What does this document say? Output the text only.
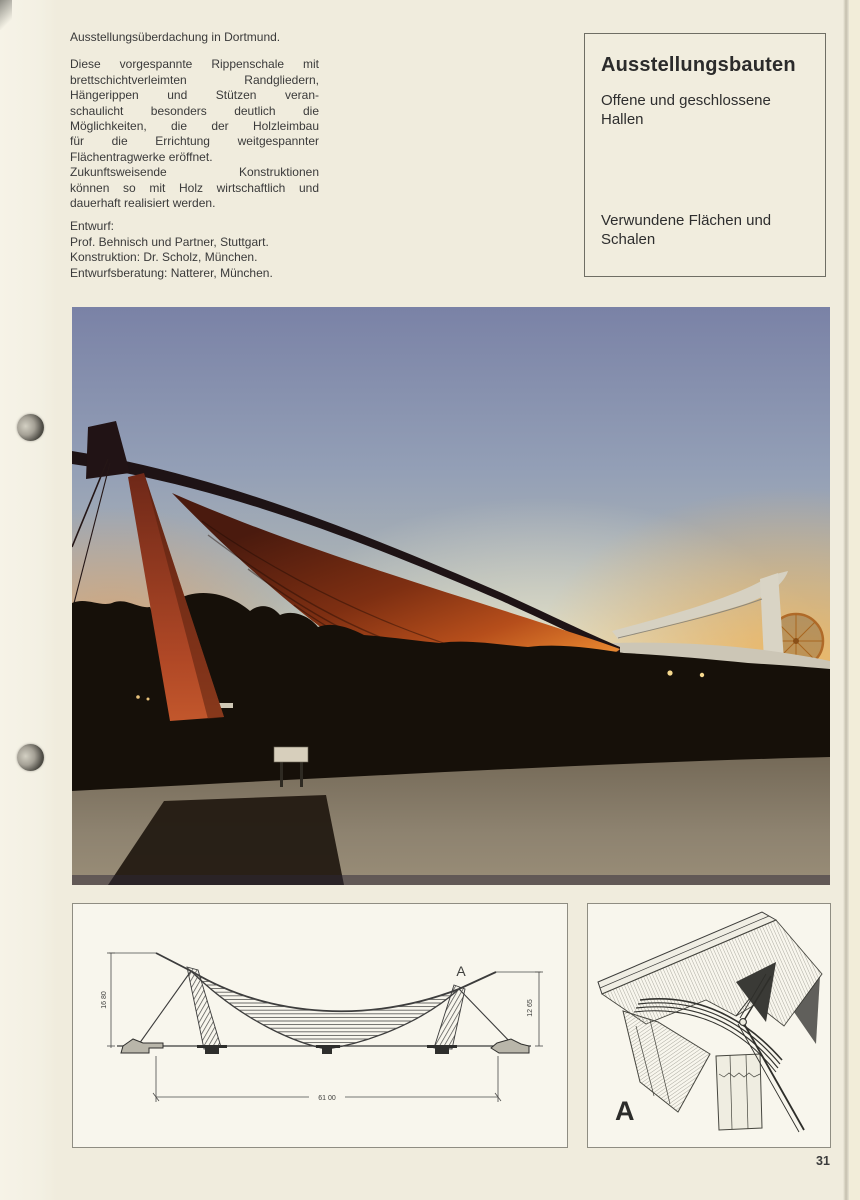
Ausstellungsüberdachung in Dortmund.

Diese vorgespannte Rippenschale mit
brettschichtverleimten Randgliedern,
Hängerippen und Stützen veran-
schaulicht besonders deutlich die
Möglichkeiten, die der Holzleimbau
für die Errichtung weitgespannter
Flächentragwerke eröffnet.
Zukunftsweisende Konstruktionen
können so mit Holz wirtschaftlich und
dauerhaft realisiert werden.
Entwurf:
Prof. Behnisch und Partner, Stuttgart.
Konstruktion: Dr. Scholz, München.
Entwurfsberatung: Natterer, München.
Ausstellungsbauten
Offene und geschlossene Hallen
Verwundene Flächen und Schalen
16 80	12 65
61 00
A
A
31
